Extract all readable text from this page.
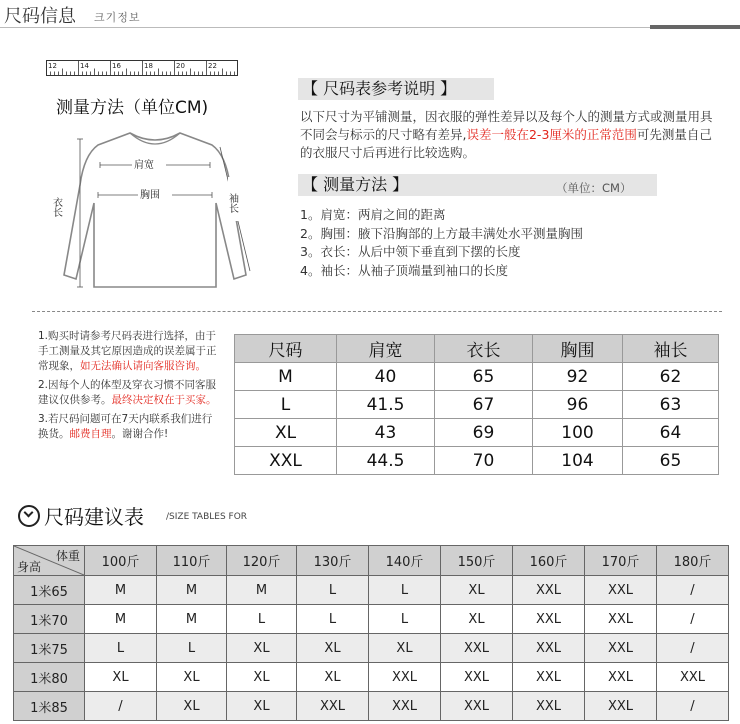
尺码信息 크기정보
12	14	16	18	20	22
测量方法（单位CM)
肩宽
胸围
衣长	袖长
【 尺码表参考说明 】
以下尺寸为平铺测量，因衣服的弹性差异以及每个人的测量方式或测量用具不同会与标示的尺寸略有差异,误差一般在2-3厘米的正常范围可先测量自己的衣服尺寸后再进行比较选购。
【 测量方法 】	（单位：CM）
1。肩宽：两肩之间的距离
2。胸围：腋下沿胸部的上方最丰满处水平测量胸围
3。衣长：从后中领下垂直到下摆的长度
4。袖长：从袖子顶端量到袖口的长度

1.购买时请参考尺码表进行选择，由于手工测量及其它原因造成的误差属于正常现象，如无法确认请向客服咨询。

2.因每个人的体型及穿衣习惯不同客服建议仅供参考。最终决定权在于买家。

3.若尺码问题可在7天内联系我们进行换货。邮费自理。谢谢合作!

尺码	肩宽	衣长	胸围	袖长
M	40	65	92	62
L	41.5	67	96	63
XL	43	69	100	64
XXL	44.5	70	104	65
尺码建议表 /SIZE TABLES FOR
体重
身高	100斤	110斤	120斤	130斤	140斤	150斤	160斤	170斤	180斤
1米65	M	M	M	L	L	XL	XXL	XXL	/
1米70	M	M	L	L	L	XL	XXL	XXL	/
1米75	L	L	XL	XL	XL	XXL	XXL	XXL	/
1米80	XL	XL	XL	XL	XXL	XXL	XXL	XXL	XXL
1米85	/	XL	XL	XXL	XXL	XXL	XXL	XXL	/
